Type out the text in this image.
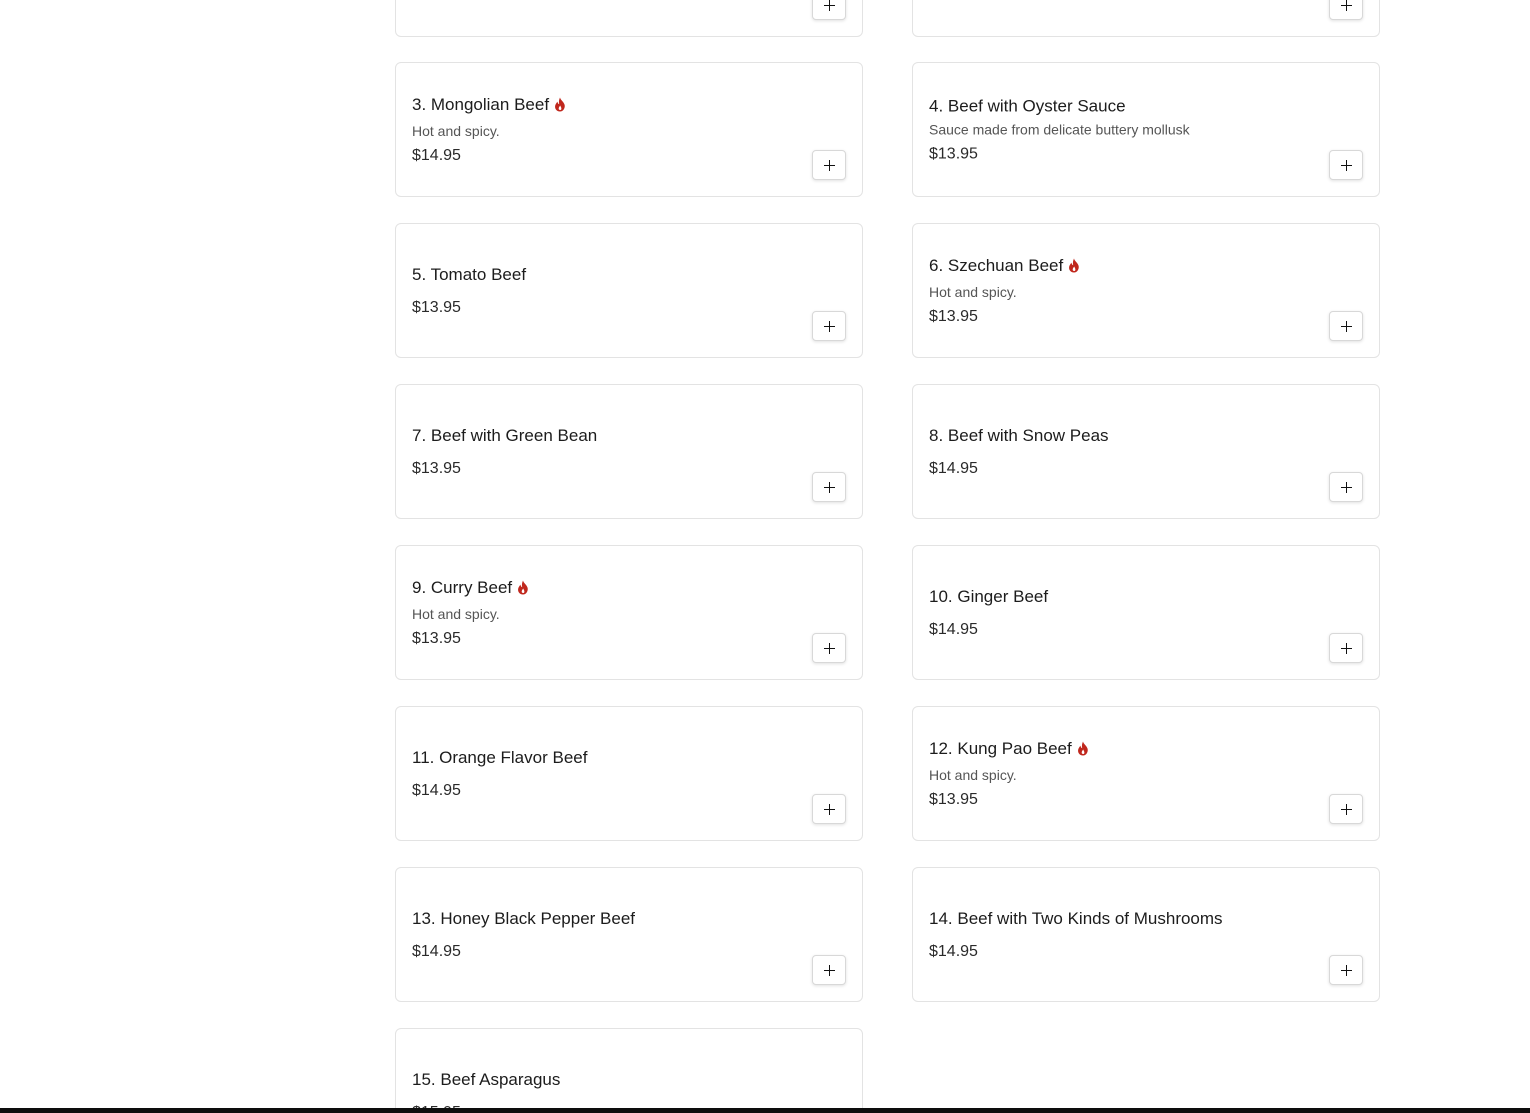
3. Mongolian Beef
Hot and spicy.
$14.95
4. Beef with Oyster Sauce
Sauce made from delicate buttery mollusk
$13.95
5. Tomato Beef
$13.95
6. Szechuan Beef
Hot and spicy.
$13.95
7. Beef with Green Bean
$13.95
8. Beef with Snow Peas
$14.95
9. Curry Beef
Hot and spicy.
$13.95
10. Ginger Beef
$14.95
11. Orange Flavor Beef
$14.95
12. Kung Pao Beef
Hot and spicy.
$13.95
13. Honey Black Pepper Beef
$14.95
14. Beef with Two Kinds of Mushrooms
$14.95
15. Beef Asparagus
